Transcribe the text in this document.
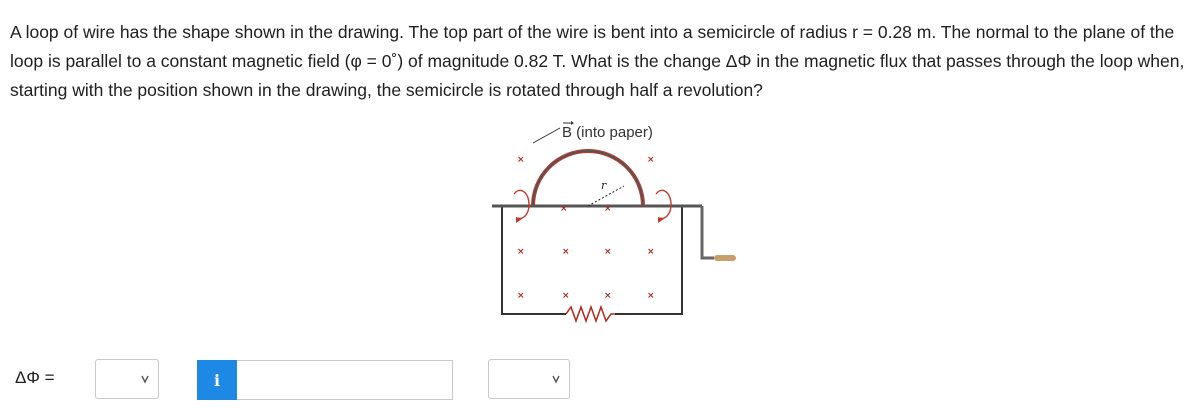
A loop of wire has the shape shown in the drawing. The top part of the wire is bent into a semicircle of radius r = 0.28 m. The normal to the plane of the loop is parallel to a constant magnetic field (φ = 0˚) of magnitude 0.82 T. What is the change ΔΦ in the magnetic flux that passes through the loop when, starting with the position shown in the drawing, the semicircle is rotated through half a revolution?

B (into paper)
r
×	×
×	×
×	×	×	×
×	×	×	×
ΔΦ =	i
